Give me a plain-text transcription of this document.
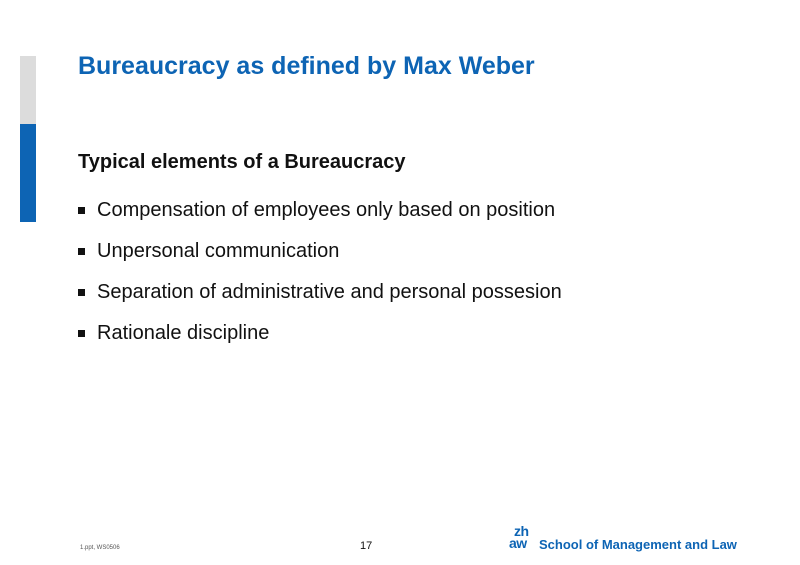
Bureaucracy as defined by Max Weber
Typical elements of a Bureaucracy
Compensation of employees only based on position
Unpersonal communication
Separation of administrative and personal possesion
Rationale discipline
1.ppt, WS0506	17
zh
aw School of Management and Law
